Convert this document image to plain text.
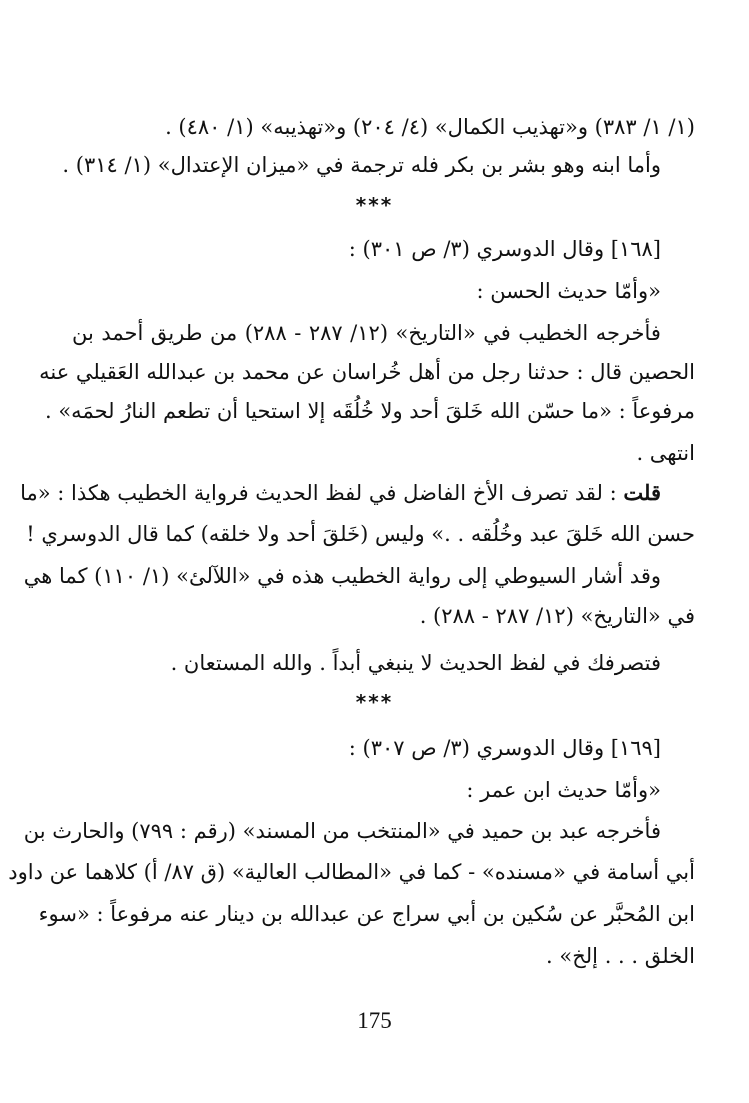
(١/ ١/ ٣٨٣) و«تهذيب الكمال» (٤/ ٢٠٤) و«تهذيبه» (١/ ٤٨٠) .
وأما ابنه وهو بشر بن بكر فله ترجمة في «ميزان الإعتدال» (١/ ٣١٤) .
***
[١٦٨] وقال الدوسري (٣/ ص ٣٠١) :
«وأمّا حديث الحسن :
فأخرجه الخطيب في «التاريخ» (١٢/ ٢٨٧ - ٢٨٨) من طريق أحمد بن
الحصين قال : حدثنا رجل من أهل خُراسان عن محمد بن عبدالله العَقيلي عنه
مرفوعاً : «ما حسّن الله خَلقَ أحد ولا خُلُقَه إلا استحيا أن تطعم النارُ لحمَه» .
انتهى .
قلت : لقد تصرف الأخ الفاضل في لفظ الحديث فرواية الخطيب هكذا : «ما
حسن الله خَلقَ عبد وخُلُقه . .» وليس (خَلقَ أحد ولا خلقه) كما قال الدوسري !
وقد أشار السيوطي إلى رواية الخطيب هذه في «اللآلئ» (١/ ١١٠) كما هي
في «التاريخ» (١٢/ ٢٨٧ - ٢٨٨) .
فتصرفك في لفظ الحديث لا ينبغي أبداً . والله المستعان .
***
[١٦٩] وقال الدوسري (٣/ ص ٣٠٧) :
«وأمّا حديث ابن عمر :
فأخرجه عبد بن حميد في «المنتخب من المسند» (رقم : ٧٩٩) والحارث بن
أبي أسامة في «مسنده» - كما في «المطالب العالية» (ق ٨٧/ أ) كلاهما عن داود
ابن المُحبَّر عن سُكين بن أبي سراج عن عبدالله بن دينار عنه مرفوعاً : «سوء
الخلق . . . إلخ» .
175
